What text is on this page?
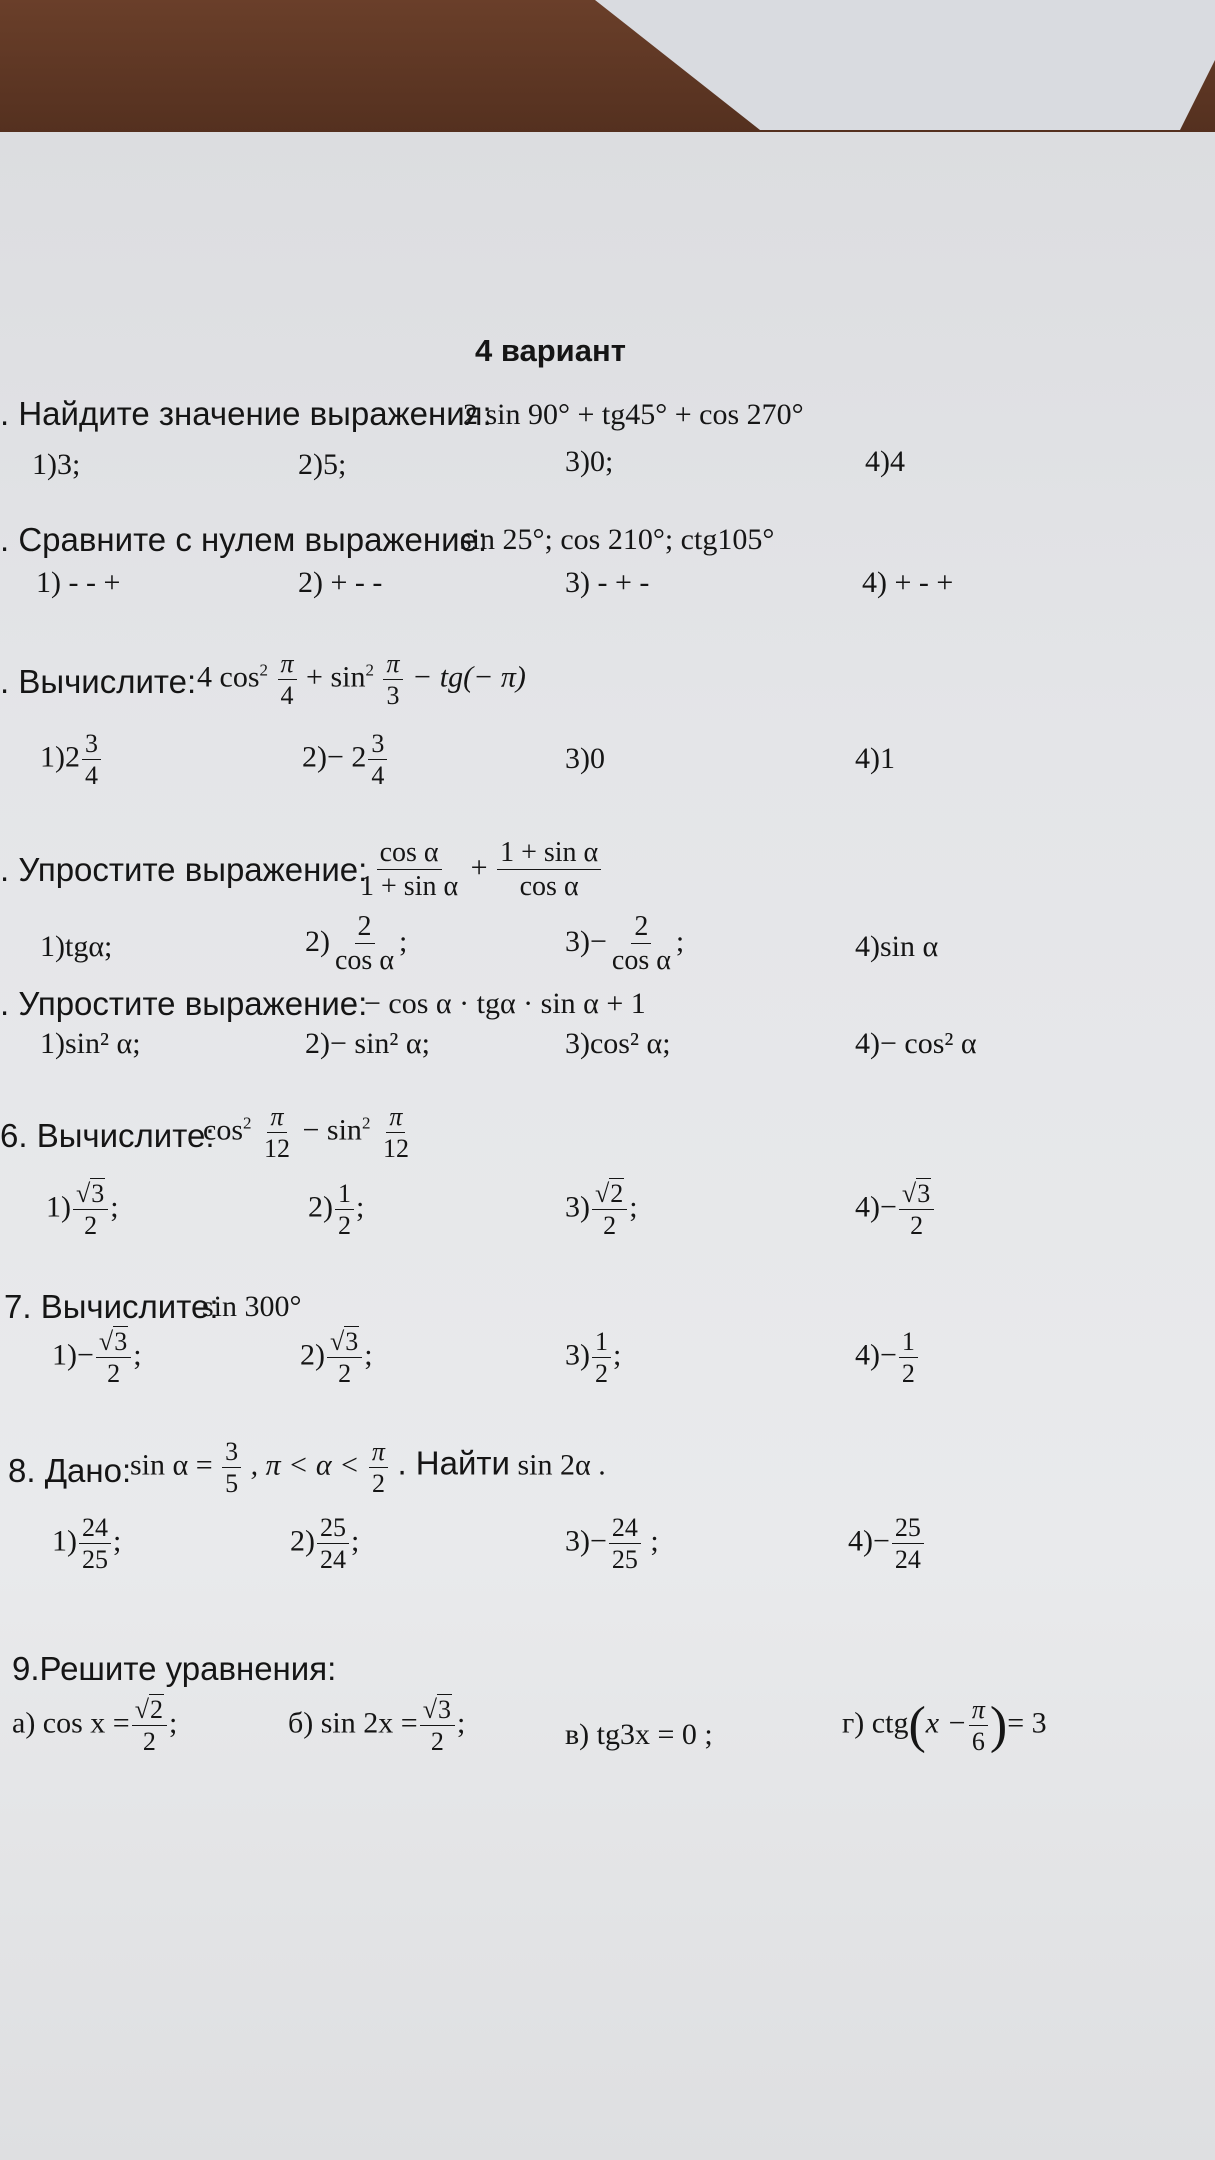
4 вариант
. Найдите значение выражения:
2 sin 90° + tg45° + cos 270°
1)3;	2)5;	3)0;	4)4
. Сравните с нулем выражение:
sin 25°; cos 210°; ctg105°
1) - - +	2) + - -	3) - + -	4) + - +
. Вычислите: 4 $\cos^2 \frac{\pi}{4} + \sin^2 \frac{\pi}{3} - tg(- \pi)$
$1)2 \frac{3}{4}$	$2)- 2 \frac{3}{4}$	3)0	4)1
. Упростите выражение:
$\frac{\text{cos α}}{\text{1 + sin α}} + \frac{\text{1 + sin α}}{\text{cos α}}$
1)tgα;	$2) \frac{2}{\text{cos α}}$ ;	$3)- \frac{2}{\text{cos α}}$ ;	4)sin α
. Упростите выражение:
− cos α · tgα · sin α + 1
1)sin² α;	2)− sin² α;	3)cos² α;	4)− cos² α
6. Вычислите:
$\cos^2 \frac{\pi}{12} - \sin^2 \frac{\pi}{12}$
$1) \frac{√3}{2}$ ;	$2) \frac{1}{2}$ ;	$3) \frac{√2}{2}$ ;	$4)- \frac{√3}{2}$
7. Вычислите:
sin 300°
$1)- \frac{√3}{2}$ ;	$2) \frac{√3}{2}$ ;	$3) \frac{1}{2}$ ;	$4)- \frac{1}{2}$
8. Дано:
$\sin \alpha = \frac{3}{5}$ , $\pi < \alpha < \frac{\pi}{2}$ . Найти sin 2α .
$1) \frac{24}{25}$ ;	$2) \frac{25}{24}$ ;	$3)- \frac{24}{25}$ ;	$4)- \frac{25}{24}$
9.Решите уравнения:
а) $\cos x = \frac{√2}{2}$ ;	б) $\sin 2x = \frac{√3}{2}$ ;	в) tg3x = 0 ;	г) $ctg(x - \frac{\pi}{6}$ )= 3
